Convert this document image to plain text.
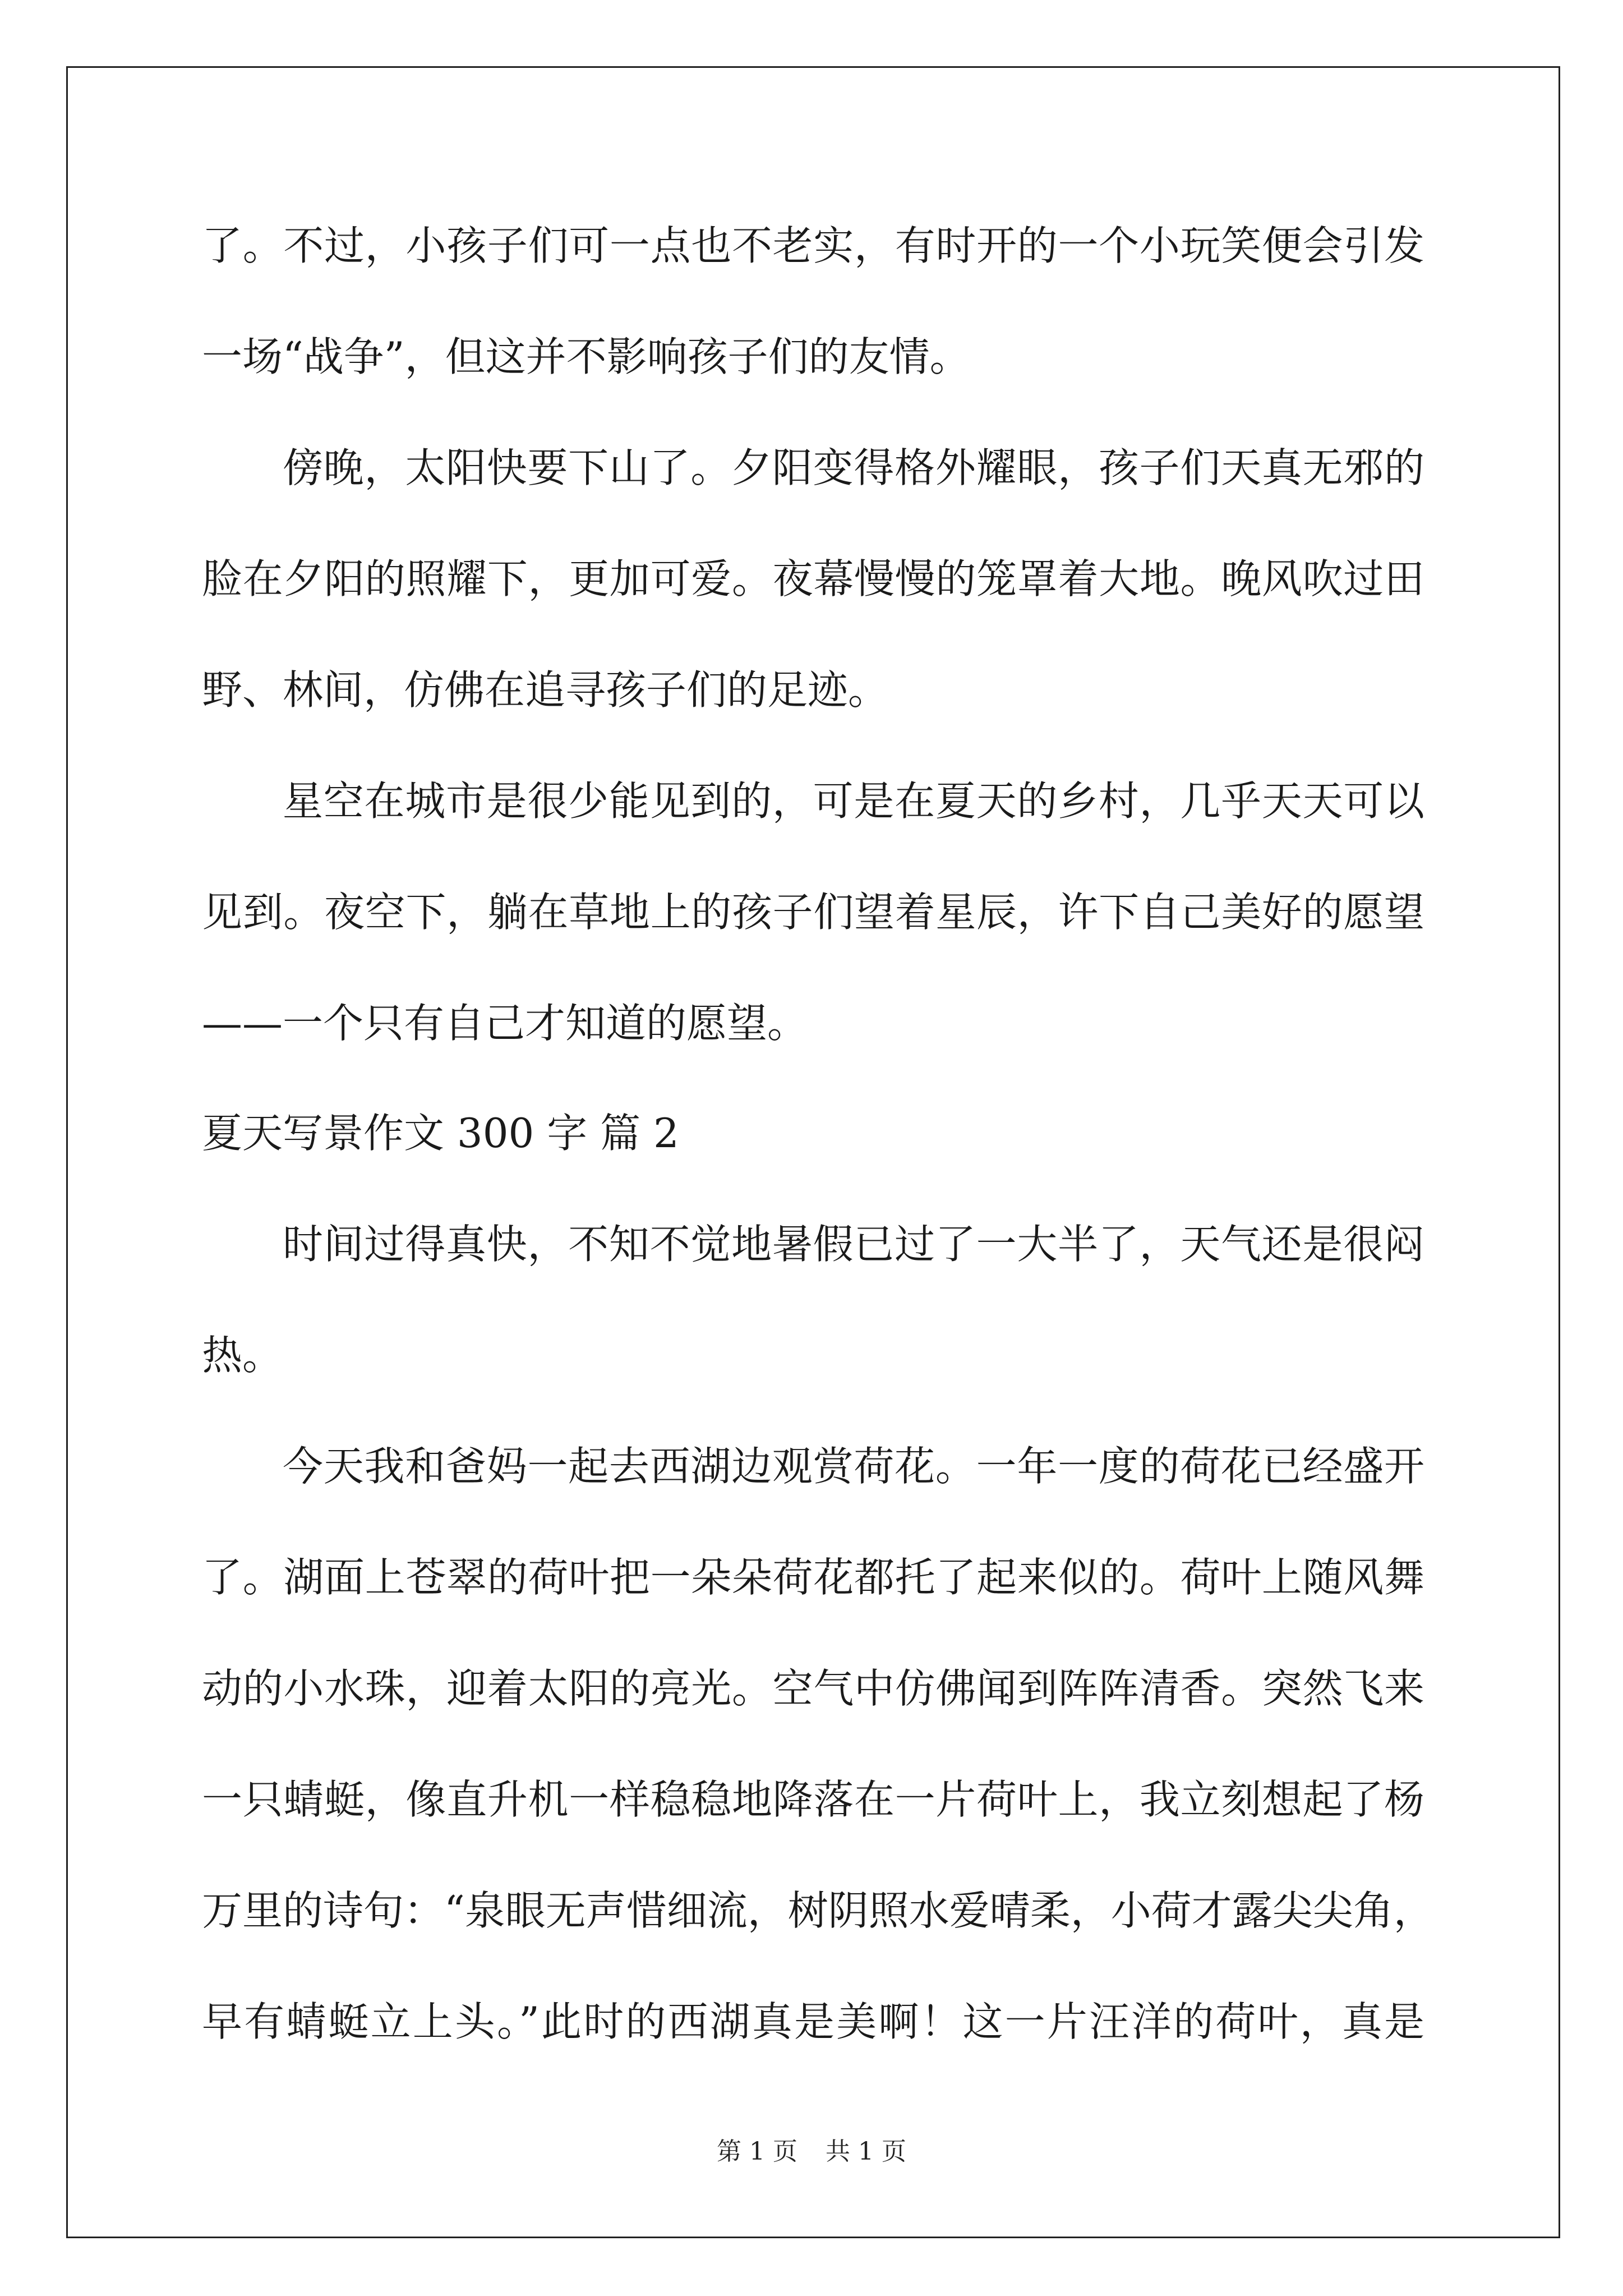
了。不过，小孩子们可一点也不老实，有时开的一个小玩笑便会引发
一场“战争”，但这并不影响孩子们的友情。
傍晚，太阳快要下山了。夕阳变得格外耀眼，孩子们天真无邪的
脸在夕阳的照耀下，更加可爱。夜幕慢慢的笼罩着大地。晚风吹过田
野、林间，仿佛在追寻孩子们的足迹。
星空在城市是很少能见到的，可是在夏天的乡村，几乎天天可以
见到。夜空下，躺在草地上的孩子们望着星辰，许下自己美好的愿望
——一个只有自己才知道的愿望。
夏天写景作文 300 字 篇 2
时间过得真快，不知不觉地暑假已过了一大半了，天气还是很闷
热。
今天我和爸妈一起去西湖边观赏荷花。一年一度的荷花已经盛开
了。湖面上苍翠的荷叶把一朵朵荷花都托了起来似的。荷叶上随风舞
动的小水珠，迎着太阳的亮光。空气中仿佛闻到阵阵清香。突然飞来
一只蜻蜓，像直升机一样稳稳地降落在一片荷叶上，我立刻想起了杨
万里的诗句：“泉眼无声惜细流，树阴照水爱晴柔，小荷才露尖尖角，
早有蜻蜓立上头。”此时的西湖真是美啊！这一片汪洋的荷叶，真是
第 1 页 共 1 页
